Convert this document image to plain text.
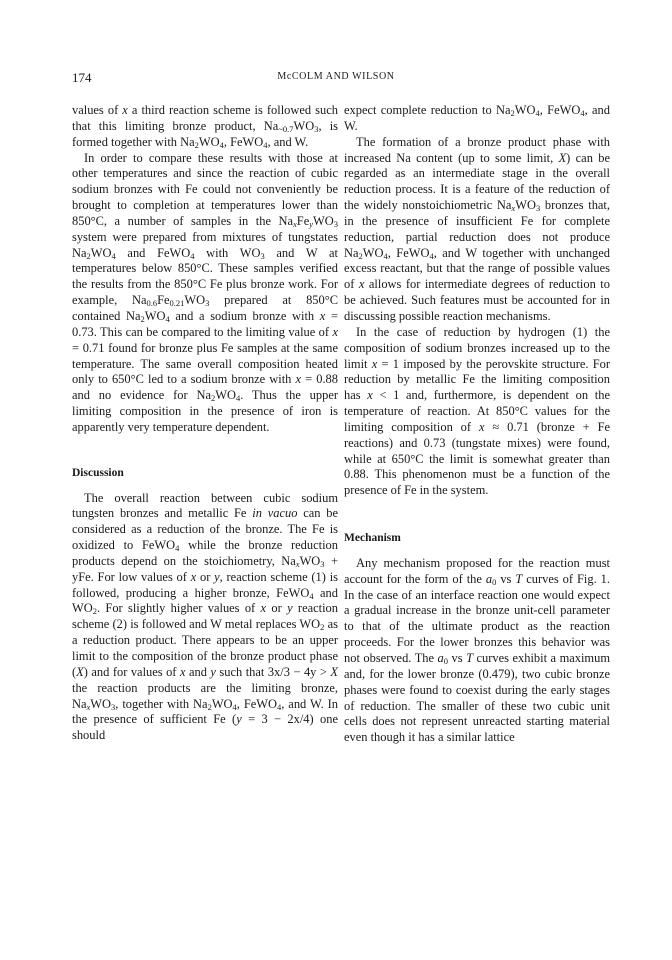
174	McCOLM AND WILSON

values of x a third reaction scheme is followed such that this limiting bronze product, $Na_{\sim 0.7}WO_3$, is formed together with $Na_2WO_4$, FeWO$_4$, and W.

In order to compare these results with those at other temperatures and since the reaction of cubic sodium bronzes with Fe could not conveniently be brought to completion at temperatures lower than 850°C, a number of samples in the $Na_xFe_yWO_3$ system were prepared from mixtures of tungstates $Na_2WO_4$ and FeWO$_4$ with $WO_3$ and W at temperatures below 850°C. These samples verified the results from the 850°C Fe plus bronze work. For example, $Na_{0.6}Fe_{0.21}WO_3$ prepared at 850°C contained $Na_2WO_4$ and a sodium bronze with x = 0.73. This can be compared to the limiting value of x = 0.71 found for bronze plus Fe samples at the same temperature. The same overall composition heated only to 650°C led to a sodium bronze with x = 0.88 and no evidence for $Na_2WO_4$. Thus the upper limiting composition in the presence of iron is apparently very temperature dependent.

Discussion

The overall reaction between cubic sodium tungsten bronzes and metallic Fe in vacuo can be considered as a reduction of the bronze. The Fe is oxidized to FeWO$_4$ while the bronze reduction products depend on the stoichiometry, $Na_xWO_3$ + yFe. For low values of x or y, reaction scheme (1) is followed, producing a higher bronze, FeWO$_4$ and $WO_2$. For slightly higher values of x or y reaction scheme (2) is followed and W metal replaces $WO_2$ as a reduction product. There appears to be an upper limit to the composition of the bronze product phase (X) and for values of x and y such that 3x/3 − 4y > X the reaction products are the limiting bronze, $Na_xWO_3$, together with $Na_2WO_4$, FeWO$_4$, and W. In the presence of sufficient Fe (y = 3 − 2x/4) one should

expect complete reduction to $Na_2WO_4$, FeWO$_4$, and W.

The formation of a bronze product phase with increased Na content (up to some limit, X) can be regarded as an intermediate stage in the overall reduction process. It is a feature of the reduction of the widely nonstoichiometric $Na_xWO_3$ bronzes that, in the presence of insufficient Fe for complete reduction, partial reduction does not produce $Na_2WO_4$, FeWO$_4$, and W together with unchanged excess reactant, but that the range of possible values of x allows for intermediate degrees of reduction to be achieved. Such features must be accounted for in discussing possible reaction mechanisms.

In the case of reduction by hydrogen (1) the composition of sodium bronzes increased up to the limit x = 1 imposed by the perovskite structure. For reduction by metallic Fe the limiting composition has x < 1 and, furthermore, is dependent on the temperature of reaction. At 850°C values for the limiting composition of x ≈ 0.71 (bronze + Fe reactions) and 0.73 (tungstate mixes) were found, while at 650°C the limit is somewhat greater than 0.88. This phenomenon must be a function of the presence of Fe in the system.

Mechanism

Any mechanism proposed for the reaction must account for the form of the $a_0$ vs T curves of Fig. 1. In the case of an interface reaction one would expect a gradual increase in the bronze unit-cell parameter to that of the ultimate product as the reaction proceeds. For the lower bronzes this behavior was not observed. The $a_0$ vs T curves exhibit a maximum and, for the lower bronze (0.479), two cubic bronze phases were found to coexist during the early stages of reduction. The smaller of these two cubic unit cells does not represent unreacted starting material even though it has a similar lattice
